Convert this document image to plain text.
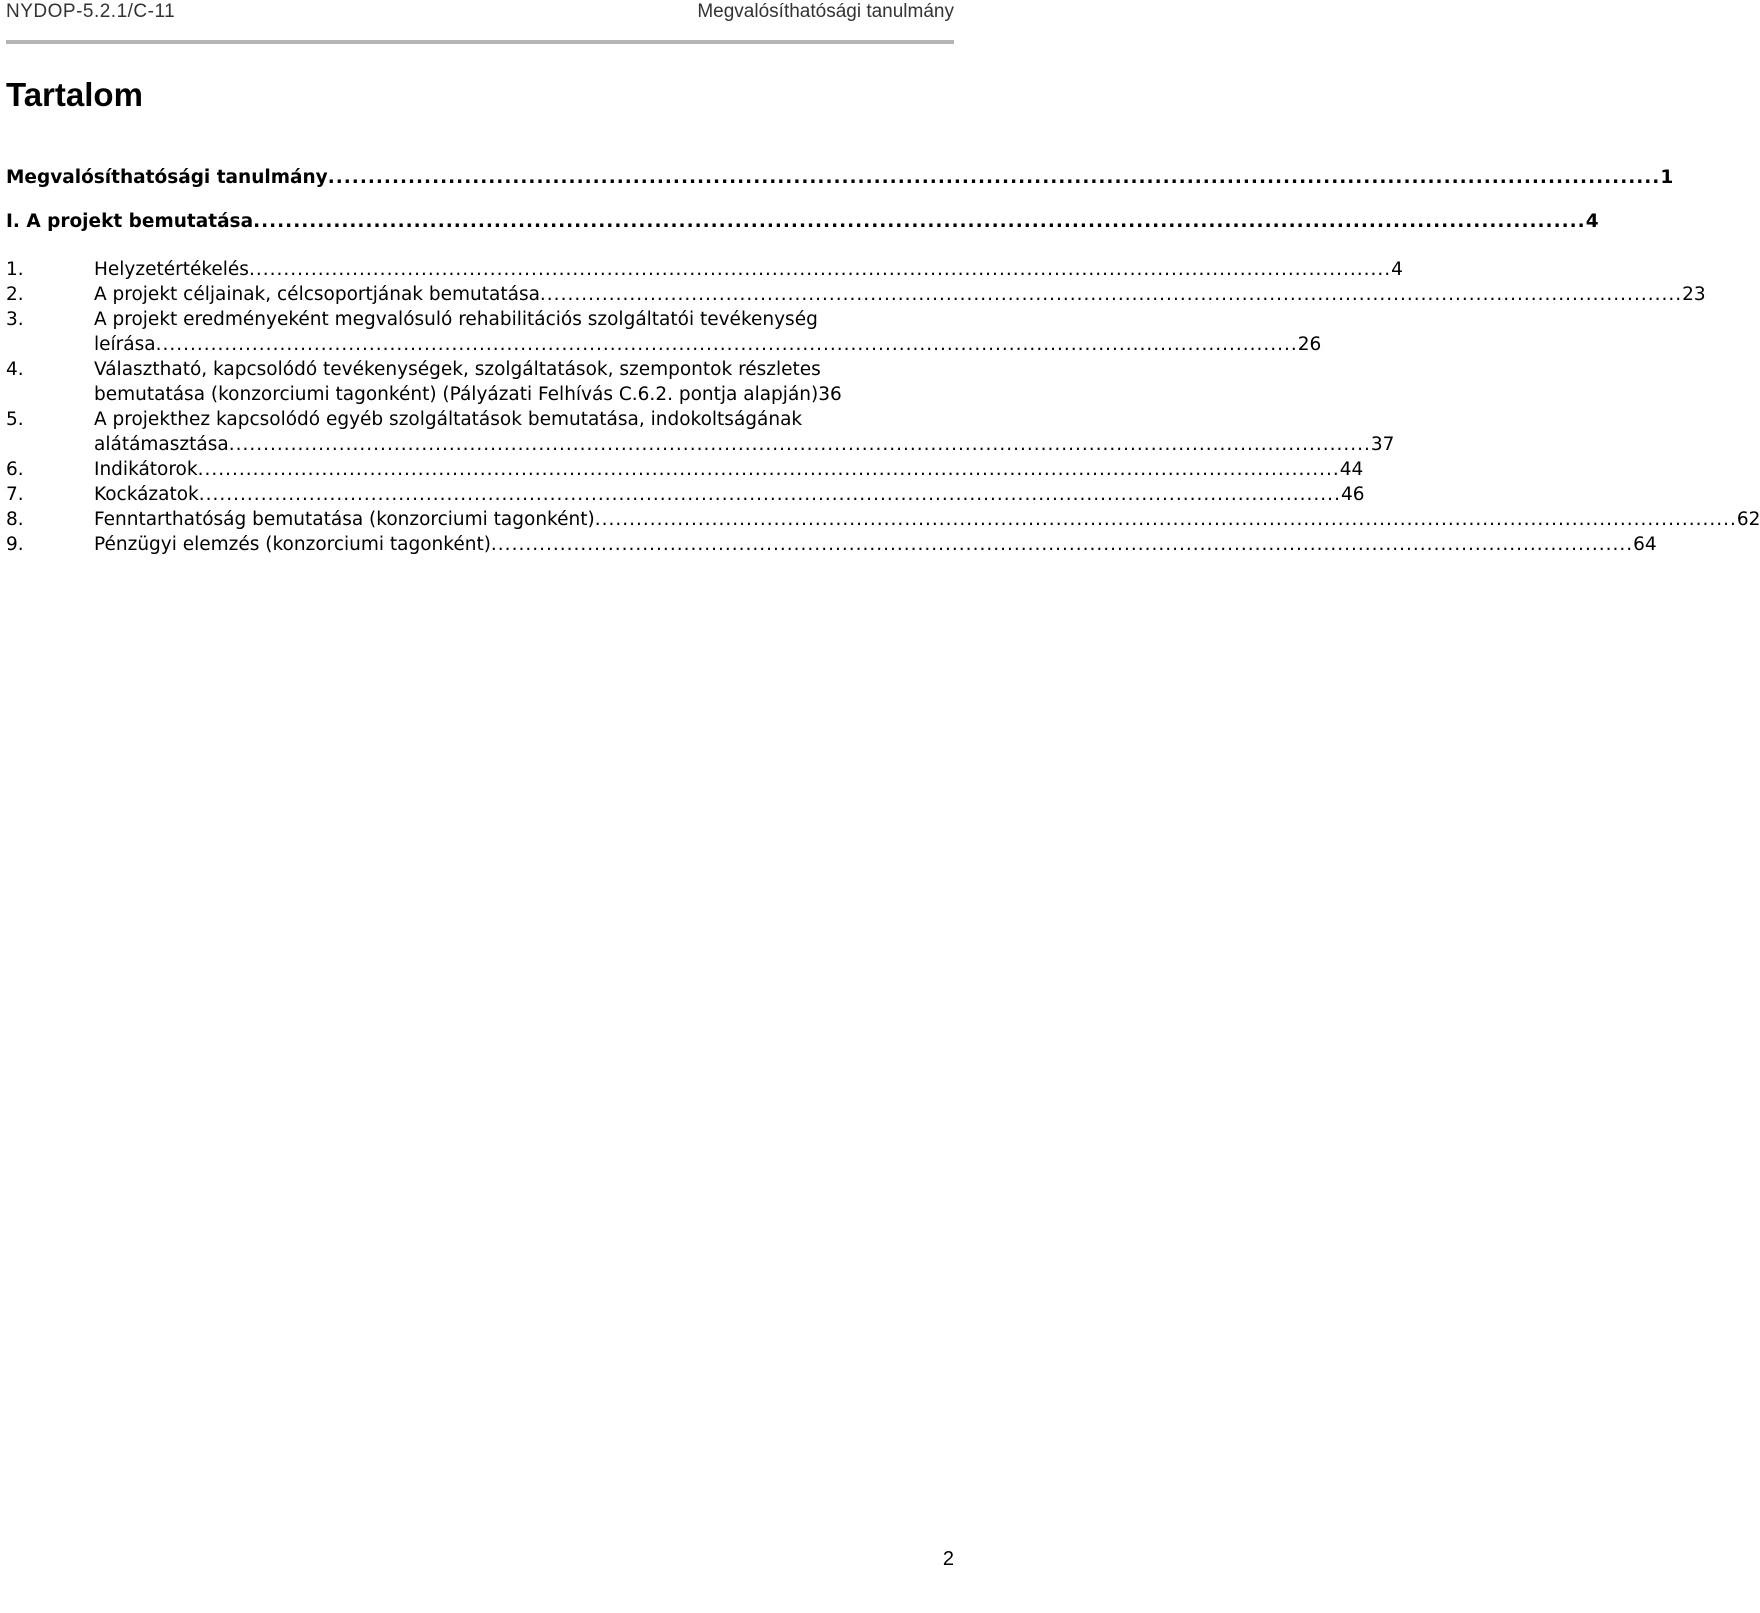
NYDOP-5.2.1/C-11	Megvalósíthatósági tanulmány
Tartalom
Megvalósíthatósági tanulmány ...................................................................................................................................................................... 1
I. A projekt bemutatása ...................................................................................................................................................................... 4
1.	Helyzetértékelés ...................................................................................................................................................................... 4
2.	A projekt céljainak, célcsoportjának bemutatása ...................................................................................................................................................................... 23
3.	A projekt eredményeként megvalósuló rehabilitációs szolgáltatói tevékenység
leírása ...................................................................................................................................................................... 26
4.	Választható, kapcsolódó tevékenységek, szolgáltatások, szempontok részletes
bemutatása (konzorciumi tagonként) (Pályázati Felhívás C.6.2. pontja alapján)36
5.	A projekthez kapcsolódó egyéb szolgáltatások bemutatása, indokoltságának
alátámasztása ...................................................................................................................................................................... 37
6.	Indikátorok ...................................................................................................................................................................... 44
7.	Kockázatok ...................................................................................................................................................................... 46
8.	Fenntarthatóság bemutatása (konzorciumi tagonként) ...................................................................................................................................................................... 62
9.	Pénzügyi elemzés (konzorciumi tagonként) ...................................................................................................................................................................... 64
2
